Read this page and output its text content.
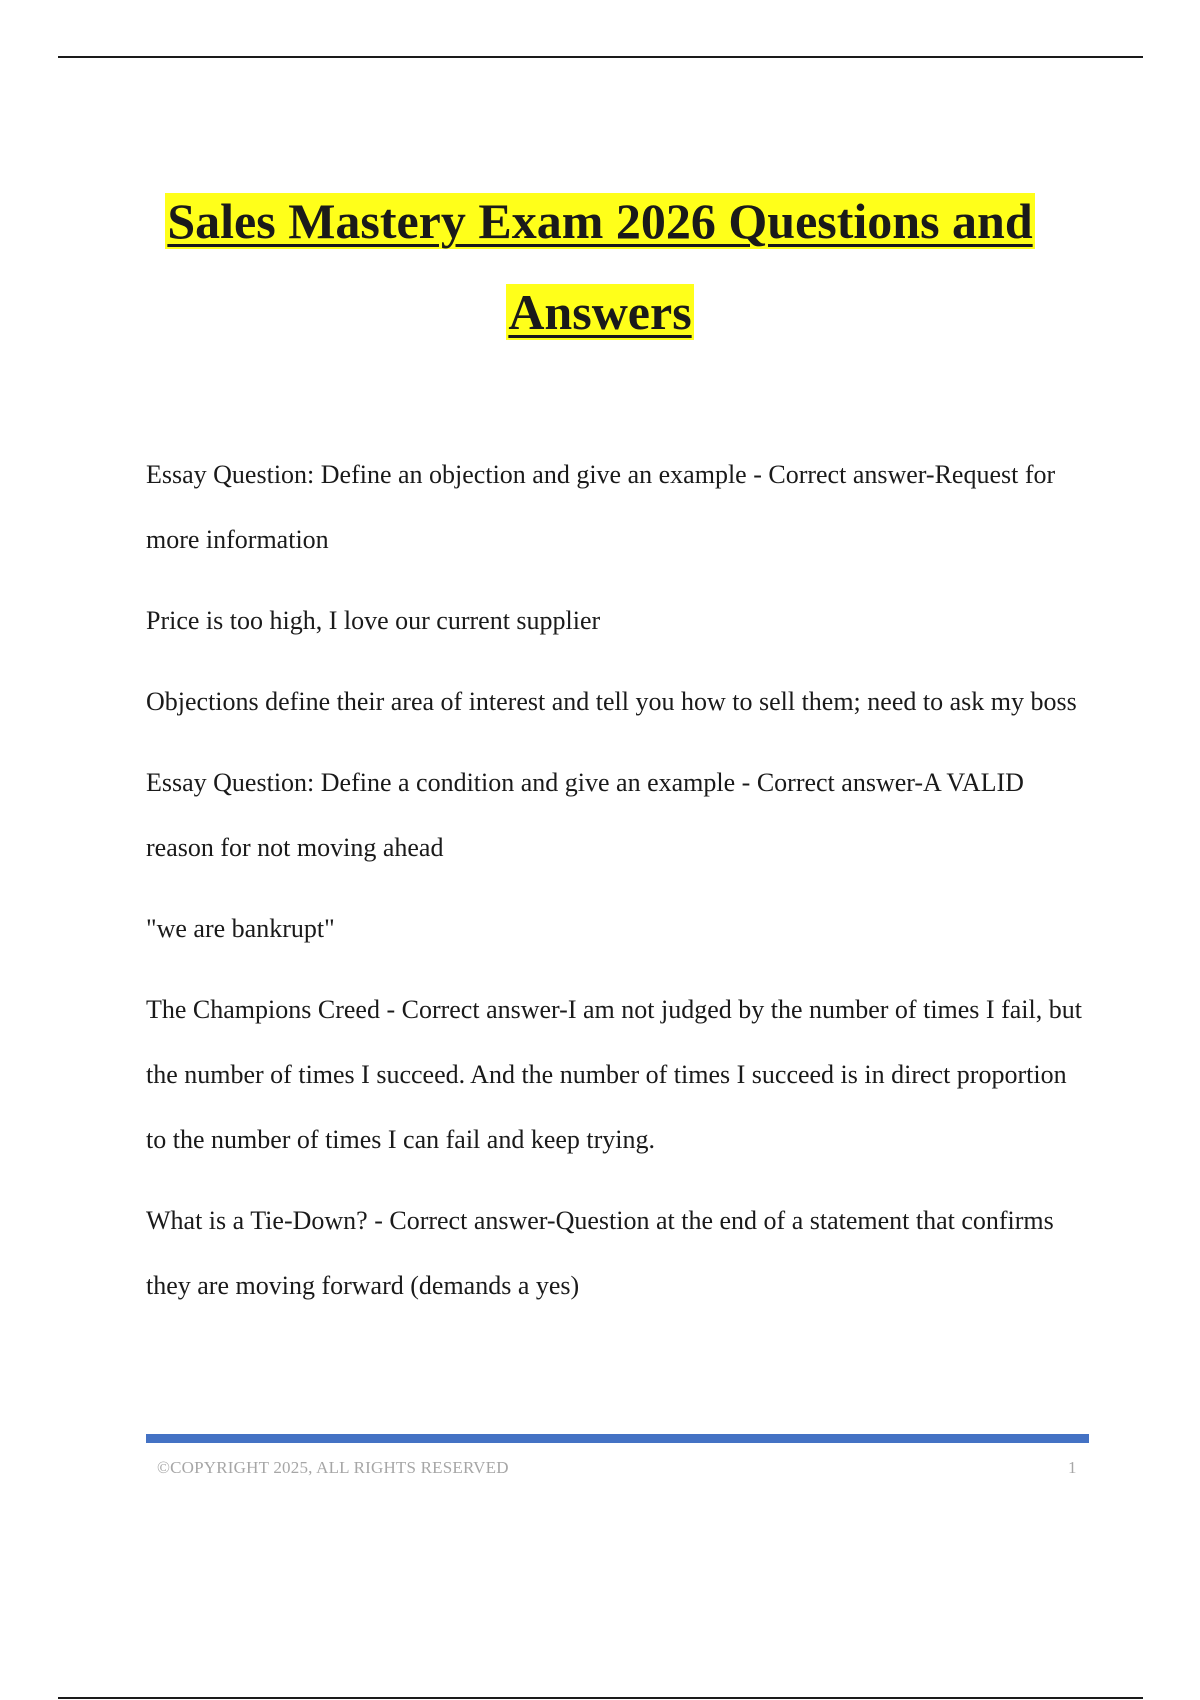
Sales Mastery Exam 2026 Questions and

Answers

Essay Question: Define an objection and give an example - Correct answer-Request for more information

Price is too high, I love our current supplier

Objections define their area of interest and tell you how to sell them; need to ask my boss

Essay Question: Define a condition and give an example - Correct answer-A VALID reason for not moving ahead

"we are bankrupt"

The Champions Creed - Correct answer-I am not judged by the number of times I fail, but the number of times I succeed. And the number of times I succeed is in direct proportion to the number of times I can fail and keep trying.

What is a Tie-Down? - Correct answer-Question at the end of a statement that confirms they are moving forward (demands a yes)

©COPYRIGHT 2025, ALL RIGHTS RESERVED	1
